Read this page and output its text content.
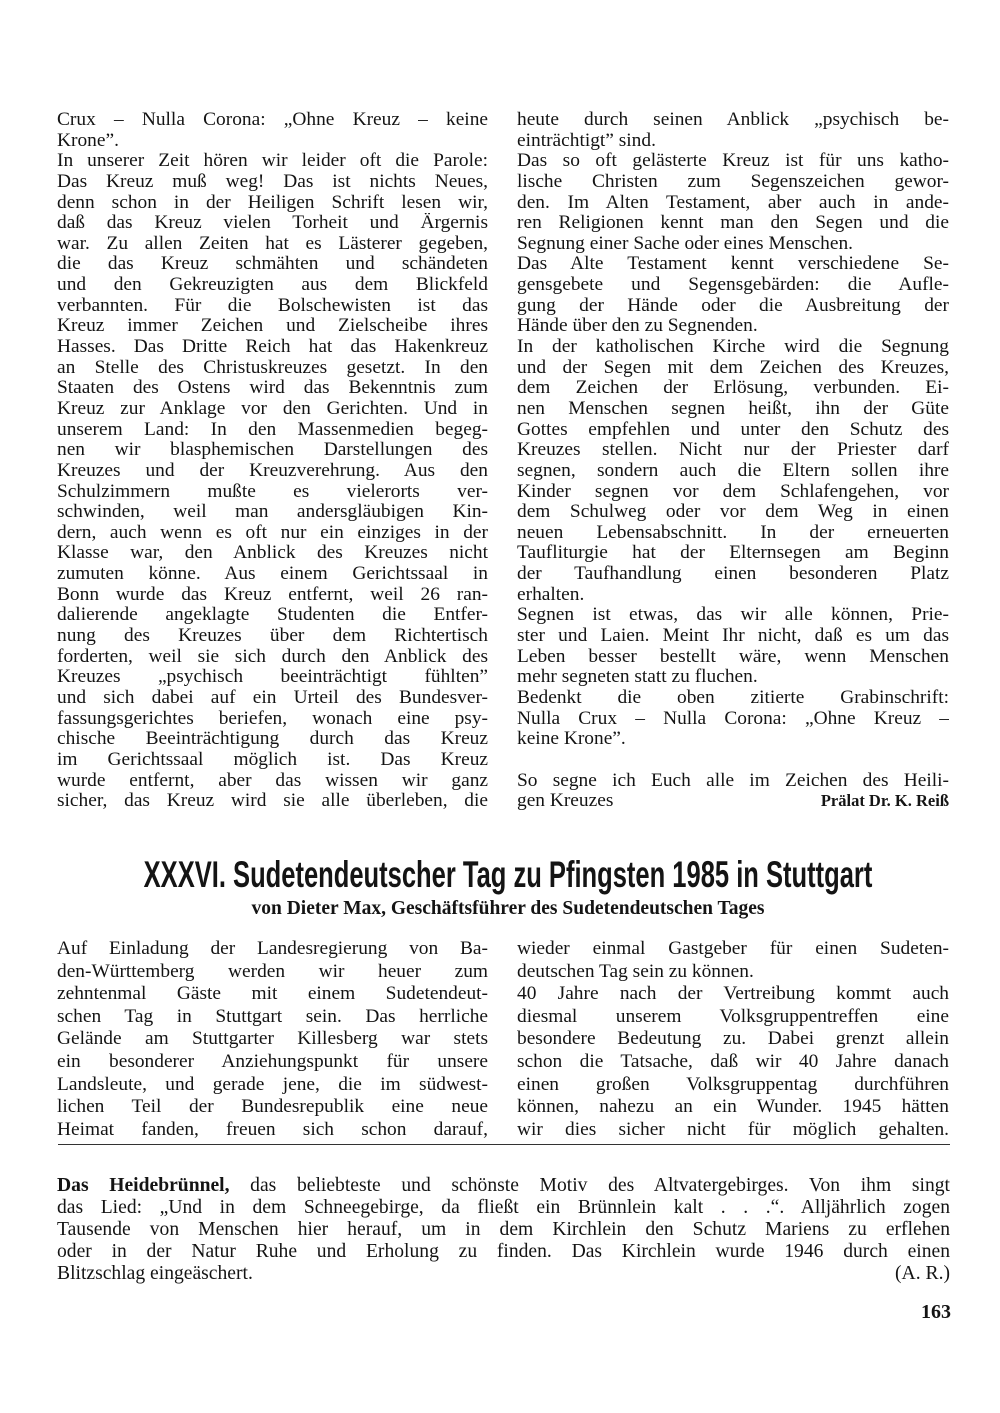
Crux – Nulla Corona: „Ohne Kreuz – keine
Krone”.
In unserer Zeit hören wir leider oft die Parole:
Das Kreuz muß weg! Das ist nichts Neues,
denn schon in der Heiligen Schrift lesen wir,
daß das Kreuz vielen Torheit und Ärgernis
war. Zu allen Zeiten hat es Lästerer gegeben,
die das Kreuz schmähten und schändeten
und den Gekreuzigten aus dem Blickfeld
verbannten. Für die Bolschewisten ist das
Kreuz immer Zeichen und Zielscheibe ihres
Hasses. Das Dritte Reich hat das Hakenkreuz
an Stelle des Christuskreuzes gesetzt. In den
Staaten des Ostens wird das Bekenntnis zum
Kreuz zur Anklage vor den Gerichten. Und in
unserem Land: In den Massenmedien begeg-
nen wir blasphemischen Darstellungen des
Kreuzes und der Kreuzverehrung. Aus den
Schulzimmern mußte es vielerorts ver-
schwinden, weil man andersgläubigen Kin-
dern, auch wenn es oft nur ein einziges in der
Klasse war, den Anblick des Kreuzes nicht
zumuten könne. Aus einem Gerichtssaal in
Bonn wurde das Kreuz entfernt, weil 26 ran-
dalierende angeklagte Studenten die Entfer-
nung des Kreuzes über dem Richtertisch
forderten, weil sie sich durch den Anblick des
Kreuzes „psychisch beeinträchtigt fühlten”
und sich dabei auf ein Urteil des Bundesver-
fassungsgerichtes beriefen, wonach eine psy-
chische Beeinträchtigung durch das Kreuz
im Gerichtssaal möglich ist. Das Kreuz
wurde entfernt, aber das wissen wir ganz
sicher, das Kreuz wird sie alle überleben, die
heute durch seinen Anblick „psychisch be-
einträchtigt” sind.
Das so oft gelästerte Kreuz ist für uns katho-
lische Christen zum Segenszeichen gewor-
den. Im Alten Testament, aber auch in ande-
ren Religionen kennt man den Segen und die
Segnung einer Sache oder eines Menschen.
Das Alte Testament kennt verschiedene Se-
gensgebete und Segensgebärden: die Aufle-
gung der Hände oder die Ausbreitung der
Hände über den zu Segnenden.
In der katholischen Kirche wird die Segnung
und der Segen mit dem Zeichen des Kreuzes,
dem Zeichen der Erlösung, verbunden. Ei-
nen Menschen segnen heißt, ihn der Güte
Gottes empfehlen und unter den Schutz des
Kreuzes stellen. Nicht nur der Priester darf
segnen, sondern auch die Eltern sollen ihre
Kinder segnen vor dem Schlafengehen, vor
dem Schulweg oder vor dem Weg in einen
neuen Lebensabschnitt. In der erneuerten
Taufliturgie hat der Elternsegen am Beginn
der Taufhandlung einen besonderen Platz
erhalten.
Segnen ist etwas, das wir alle können, Prie-
ster und Laien. Meint Ihr nicht, daß es um das
Leben besser bestellt wäre, wenn Menschen
mehr segneten statt zu fluchen.
Bedenkt die oben zitierte Grabinschrift:
Nulla Crux – Nulla Corona: „Ohne Kreuz –
keine Krone”.
So segne ich Euch alle im Zeichen des Heili-
gen Kreuzes	Prälat Dr. K. Reiß
XXXVI. Sudetendeutscher Tag zu Pfingsten 1985 in Stuttgart
von Dieter Max, Geschäftsführer des Sudetendeutschen Tages
Auf Einladung der Landesregierung von Ba-
den-Württemberg werden wir heuer zum
zehntenmal Gäste mit einem Sudetendeut-
schen Tag in Stuttgart sein. Das herrliche
Gelände am Stuttgarter Killesberg war stets
ein besonderer Anziehungspunkt für unsere
Landsleute, und gerade jene, die im südwest-
lichen Teil der Bundesrepublik eine neue
Heimat fanden, freuen sich schon darauf,
wieder einmal Gastgeber für einen Sudeten-
deutschen Tag sein zu können.
40 Jahre nach der Vertreibung kommt auch
diesmal unserem Volksgruppentreffen eine
besondere Bedeutung zu. Dabei grenzt allein
schon die Tatsache, daß wir 40 Jahre danach
einen großen Volksgruppentag durchführen
können, nahezu an ein Wunder. 1945 hätten
wir dies sicher nicht für möglich gehalten.
Das Heidebrünnel, das beliebteste und schönste Motiv des Altvatergebirges. Von ihm singt
das Lied: „Und in dem Schneegebirge, da fließt ein Brünnlein kalt . . .“. Alljährlich zogen
Tausende von Menschen hier herauf, um in dem Kirchlein den Schutz Mariens zu erflehen
oder in der Natur Ruhe und Erholung zu finden. Das Kirchlein wurde 1946 durch einen
Blitzschlag eingeäschert.	(A. R.)
163
